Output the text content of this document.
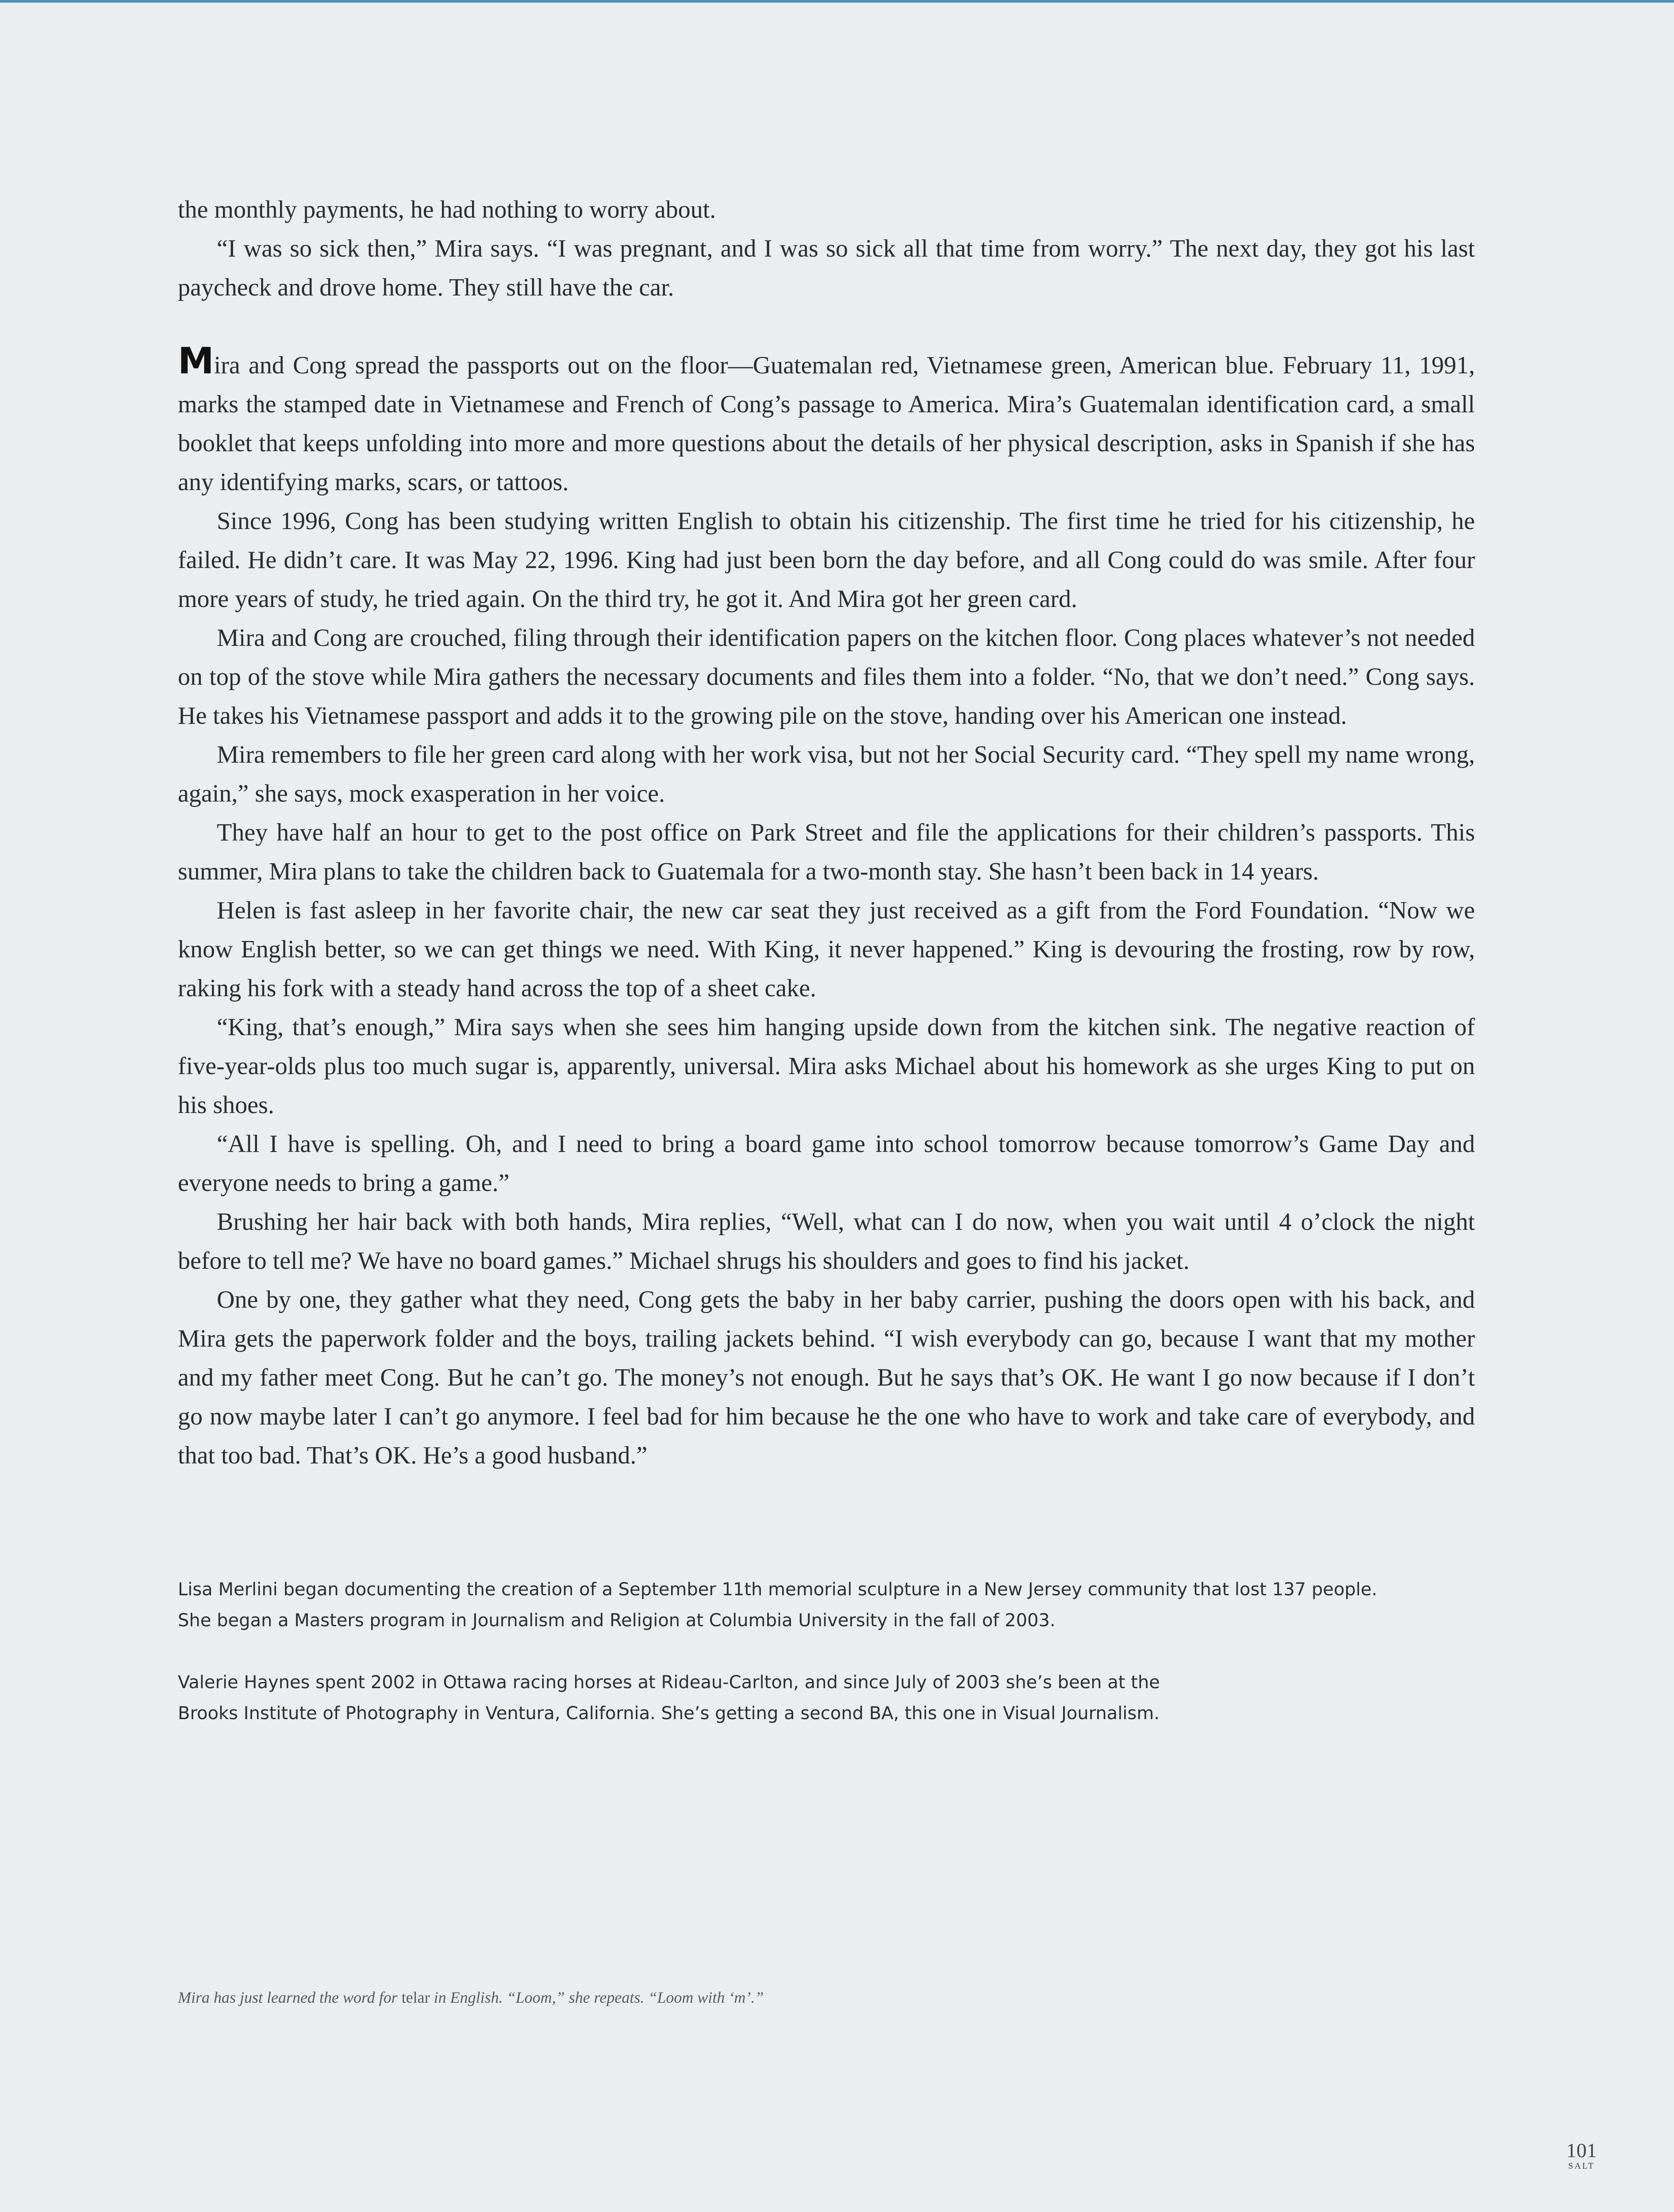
the monthly payments, he had nothing to worry about.

“I was so sick then,” Mira says. “I was pregnant, and I was so sick all that time from worry.” The next day, they got his last paycheck and drove home. They still have the car.

Mira and Cong spread the passports out on the floor—Guatemalan red, Vietnamese green, American blue. February 11, 1991, marks the stamped date in Vietnamese and French of Cong’s passage to America. Mira’s Guatemalan identification card, a small booklet that keeps unfolding into more and more questions about the details of her physical description, asks in Spanish if she has any identifying marks, scars, or tattoos.

Since 1996, Cong has been studying written English to obtain his citizenship. The first time he tried for his citizenship, he failed. He didn’t care. It was May 22, 1996. King had just been born the day before, and all Cong could do was smile. After four more years of study, he tried again. On the third try, he got it. And Mira got her green card.

Mira and Cong are crouched, filing through their identification papers on the kitchen floor. Cong places whatever’s not needed on top of the stove while Mira gathers the necessary documents and files them into a folder. “No, that we don’t need.” Cong says. He takes his Vietnamese passport and adds it to the growing pile on the stove, handing over his American one instead.

Mira remembers to file her green card along with her work visa, but not her Social Security card. “They spell my name wrong, again,” she says, mock exasperation in her voice.

They have half an hour to get to the post office on Park Street and file the applications for their children’s passports. This summer, Mira plans to take the children back to Guatemala for a two-month stay. She hasn’t been back in 14 years.

Helen is fast asleep in her favorite chair, the new car seat they just received as a gift from the Ford Foundation. “Now we know English better, so we can get things we need. With King, it never happened.” King is devouring the frosting, row by row, raking his fork with a steady hand across the top of a sheet cake.

“King, that’s enough,” Mira says when she sees him hanging upside down from the kitchen sink. The negative reaction of five-year-olds plus too much sugar is, apparently, universal. Mira asks Michael about his homework as she urges King to put on his shoes.

“All I have is spelling. Oh, and I need to bring a board game into school tomorrow because tomorrow’s Game Day and everyone needs to bring a game.”

Brushing her hair back with both hands, Mira replies, “Well, what can I do now, when you wait until 4 o’clock the night before to tell me? We have no board games.” Michael shrugs his shoulders and goes to find his jacket.

One by one, they gather what they need, Cong gets the baby in her baby carrier, pushing the doors open with his back, and Mira gets the paperwork folder and the boys, trailing jackets behind. “I wish everybody can go, because I want that my mother and my father meet Cong. But he can’t go. The money’s not enough. But he says that’s OK. He want I go now because if I don’t go now maybe later I can’t go anymore. I feel bad for him because he the one who have to work and take care of everybody, and that too bad. That’s OK. He’s a good husband.”

Lisa Merlini began documenting the creation of a September 11th memorial sculpture in a New Jersey community that lost 137 people.
She began a Masters program in Journalism and Religion at Columbia University in the fall of 2003.

Valerie Haynes spent 2002 in Ottawa racing horses at Rideau-Carlton, and since July of 2003 she’s been at the
Brooks Institute of Photography in Ventura, California. She’s getting a second BA, this one in Visual Journalism.

Mira has just learned the word for telar in English. “Loom,” she repeats. “Loom with ‘m’.”
101
SALT
